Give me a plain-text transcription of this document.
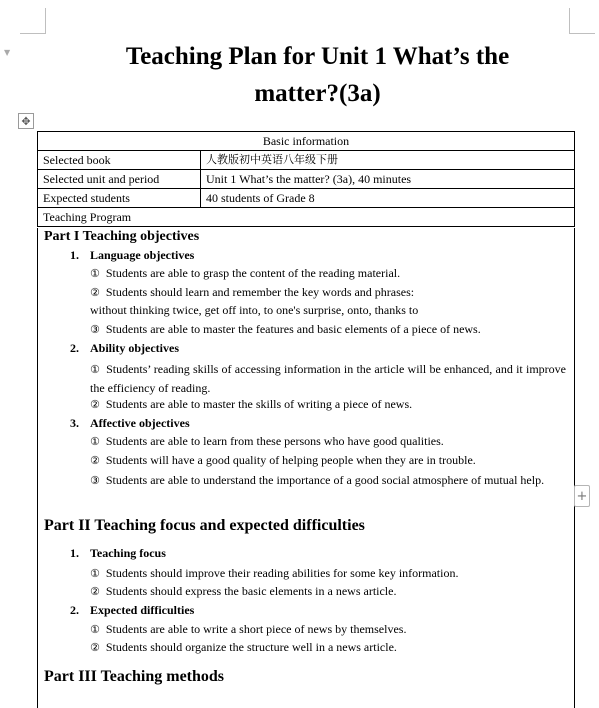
▼	Teaching Plan for Unit 1 What’s the
matter?(3a)
✥
Basic information	
Selected book	人教版初中英语八年级下册
Selected unit and period	Unit 1 What’s the matter? (3a), 40 minutes
Expected students	40 students of Grade 8
Teaching Program	
Part I Teaching objectives
1. Language objectives
① Students are able to grasp the content of the reading material.
② Students should learn and remember the key words and phrases:
without thinking twice, get off into, to one's surprise, onto, thanks to
③ Students are able to master the features and basic elements of a piece of news.
2. Ability objectives
① Students’ reading skills of accessing information in the article will be enhanced, and it improve the efficiency of reading.
② Students are able to master the skills of writing a piece of news.
3. Affective objectives
① Students are able to learn from these persons who have good qualities.
② Students will have a good quality of helping people when they are in trouble.
③ Students are able to understand the importance of a good social atmosphere of mutual help.
Part II Teaching focus and expected difficulties
1. Teaching focus
① Students should improve their reading abilities for some key information.
② Students should express the basic elements in a news article.
2. Expected difficulties
① Students are able to write a short piece of news by themselves.
② Students should organize the structure well in a news article.
Part III Teaching methods
+
